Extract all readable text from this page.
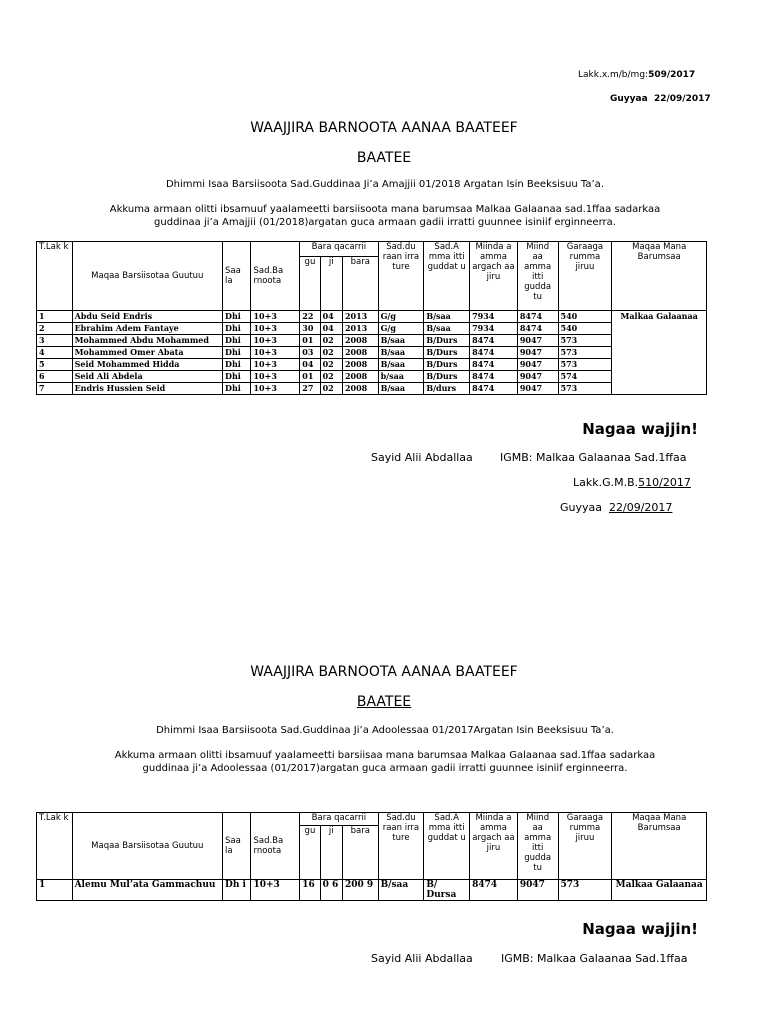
Lakk.x.m/b/mg:509/2017
Guyyaa 22/09/2017
WAAJJIRA BARNOOTA AANAA BAATEEF
BAATEE
Dhimmi Isaa Barsiisoota Sad.Guddinaa Ji’a Amajjii 01/2018 Argatan Isin Beeksisuu Ta’a.
Akkuma armaan olitti ibsamuuf yaalameetti barsiisoota mana barumsaa Malkaa Galaanaa sad.1ffaa sadarkaa
guddinaa ji’a Amajjii (01/2018)argatan guca armaan gadii irratti guunnee isiniif erginneerra.
T.Lak k	Maqaa Barsiisotaa Guutuu	Saa la	Sad.Ba rnoota	Bara qacarrii			Sad.du raan irra ture	Sad.A mma itti guddat u	Miinda a amma argach aa jiru	Miind aa amma itti gudda tu	Garaaga rumma jiruu	Maqaa Mana Barumsaa
				gu	ji	bara						
1	Abdu Seid Endris	Dhi	10+3	22	04	2013	G/g	B/saa	7934	8474	540	Malkaa Galaanaa
2	Ebrahim Adem Fantaye	Dhi	10+3	30	04	2013	G/g	B/saa	7934	8474	540	
3	Mohammed Abdu Mohammed	Dhi	10+3	01	02	2008	B/saa	B/Durs	8474	9047	573	
4	Mohammed Omer Abata	Dhi	10+3	03	02	2008	B/saa	B/Durs	8474	9047	573	
5	Seid Mohammed Hidda	Dhi	10+3	04	02	2008	B/saa	B/Durs	8474	9047	573	
6	Seid Ali Abdela	Dhi	10+3	01	02	2008	b/saa	B/Durs	8474	9047	574	
7	Endris Hussien Seid	Dhi	10+3	27	02	2008	B/saa	B/durs	8474	9047	573	
Nagaa wajjin!
Sayid Alii Abdallaa IGMB: Malkaa Galaanaa Sad.1ffaa
Lakk.G.M.B.510/2017
Guyyaa 22/09/2017
WAAJJIRA BARNOOTA AANAA BAATEEF
BAATEE
Dhimmi Isaa Barsiisoota Sad.Guddinaa Ji’a Adoolessaa 01/2017Argatan Isin Beeksisuu Ta’a.
Akkuma armaan olitti ibsamuuf yaalameetti barsiisaa mana barumsaa Malkaa Galaanaa sad.1ffaa sadarkaa
guddinaa ji’a Adoolessaa (01/2017)argatan guca armaan gadii irratti guunnee isiniif erginneerra.
T.Lak k	Maqaa Barsiisotaa Guutuu	Saa la	Sad.Ba rnoota	Bara qacarrii			Sad.du raan irra ture	Sad.A mma itti guddat u	Miinda a amma argach aa jiru	Miind aa amma itti gudda tu	Garaaga rumma jiruu	Maqaa Mana Barumsaa
				gu	ji	bara						
1	Alemu Mul’ata Gammachuu	Dh i	10+3	16	0 6	200 9	B/saa	B/ Dursa	8474	9047	573	Malkaa Galaanaa
Nagaa wajjin!
Sayid Alii Abdallaa	IGMB: Malkaa Galaanaa Sad.1ffaa
